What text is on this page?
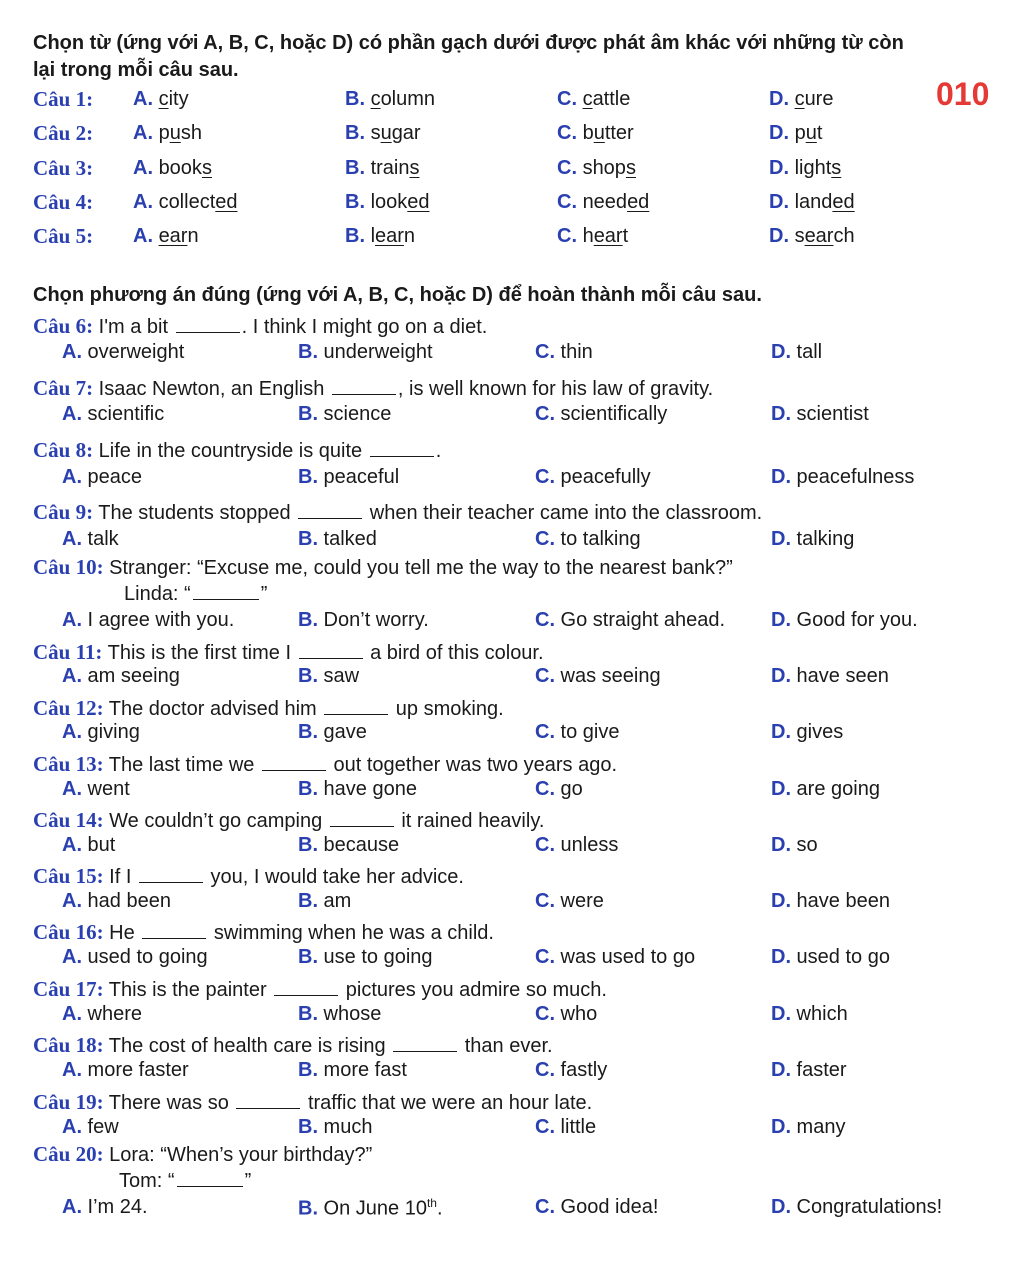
Chọn từ (ứng với A, B, C, hoặc D) có phần gạch dưới được phát âm khác với những từ còn
lại trong mỗi câu sau.
010
Câu 1: A. city	B. column	C. cattle	D. cure
Câu 2: A. push	B. sugar	C. butter	D. put
Câu 3: A. books	B. trains	C. shops	D. lights
Câu 4: A. collected	B. looked	C. needed	D. landed
Câu 5: A. earn	B. learn	C. heart	D. search
Chọn phương án đúng (ứng với A, B, C, hoặc D) để hoàn thành mỗi câu sau.
Câu 6: I'm a bit	. I think I might go on a diet.
A. overweight	B. underweight	C. thin	D. tall
Câu 7: Isaac Newton, an English	, is well known for his law of gravity.
A. scientific	B. science	C. scientifically	D. scientist
Câu 8: Life in the countryside is quite	.
A. peace	B. peaceful	C. peacefully	D. peacefulness
Câu 9: The students stopped	when their teacher came into the classroom.
A. talk	B. talked	C. to talking	D. talking
Câu 10: Stranger: “Excuse me, could you tell me the way to the nearest bank?”
Linda: “	”
A. I agree with you.	B. Don’t worry.	C. Go straight ahead. D. Good for you.
Câu 11: This is the first time I	a bird of this colour.
A. am seeing	B. saw	C. was seeing	D. have seen
Câu 12: The doctor advised him	up smoking.
A. giving	B. gave	C. to give	D. gives
Câu 13: The last time we	out together was two years ago.
A. went	B. have gone	C. go	D. are going
Câu 14: We couldn’t go camping	it rained heavily.
A. but	B. because	C. unless	D. so
Câu 15: If I	you, I would take her advice.
A. had been	B. am	C. were	D. have been
Câu 16: He	swimming when he was a child.
A. used to going	B. use to going	C. was used to go	D. used to go
Câu 17: This is the painter	pictures you admire so much.
A. where	B. whose	C. who	D. which
Câu 18: The cost of health care is rising	than ever.
A. more faster	B. more fast	C. fastly	D. faster
Câu 19: There was so	traffic that we were an hour late.
A. few	B. much	C. little	D. many
Câu 20: Lora: “When’s your birthday?”
Tom: “	”
A. I’m 24.	B. On June 10th.	C. Good idea!	D. Congratulations!
